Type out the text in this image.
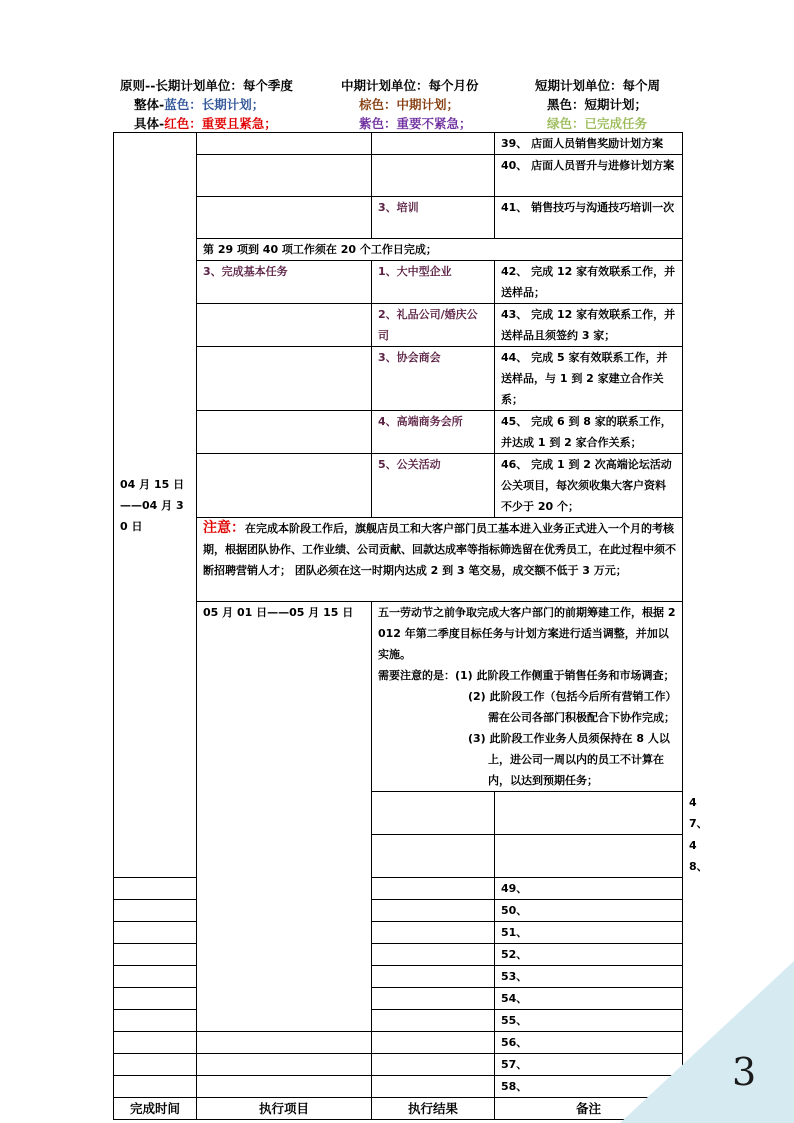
原则--长期计划单位：每个季度	中期计划单位：每个月份	短期计划单位：每个周
整体-蓝色：长期计划；	棕色：中期计划；	黑色：短期计划；
具体-红色：重要且紧急；	紫色：重要不紧急；	绿色：已完成任务
04 月 15 日——04 月 30 日			39、 店面人员销售奖励计划方案	
			40、 店面人员晋升与进修计划方案	
		3、培训	41、 销售技巧与沟通技巧培训一次	
	第 29 项到 40 项工作须在 20 个工作日完成；			
	3、完成基本任务	1、大中型企业	42、 完成 12 家有效联系工作，并送样品；	
		2、礼品公司/婚庆公司	43、 完成 12 家有效联系工作，并送样品且须签约 3 家；	
		3、协会商会	44、 完成 5 家有效联系工作，并送样品，与 1 到 2 家建立合作关系；	
		4、高端商务会所	45、 完成 6 到 8 家的联系工作，并达成 1 到 2 家合作关系；	
		5、公关活动	46、 完成 1 到 2 次高端论坛活动公关项目，每次须收集大客户资料不少于 20 个；	
	注意：在完成本阶段工作后，旗舰店员工和大客户部门员工基本进入业务正式进入一个月的考核期，根据团队协作、工作业绩、公司贡献、回款达成率等指标筛选留在优秀员工，在此过程中须不断招聘营销人才； 团队必须在这一时期内达成 2 到 3 笔交易，成交额不低于 3 万元；			
	05 月 01 日——05 月 15 日	五一劳动节之前争取完成大客户部门的前期筹建工作，根据 2012 年第二季度目标任务与计划方案进行适当调整，并加以实施。
需要注意的是：(1) 此阶段工作侧重于销售任务和市场调查；
(2) 此阶段工作（包括今后所有营销工作）需在公司各部门积极配合下协作完成；
(3) 此阶段工作业务人员须保持在 8 人以上，进公司一周以内的员工不计算在内，以达到预期任务；		

				47、
				48、
			49、	
			50、	
			51、	
			52、	
			53、	
			54、	
			55、	
			56、	
			57、	
			58、	
完成时间	执行项目	执行结果	备注	
3
